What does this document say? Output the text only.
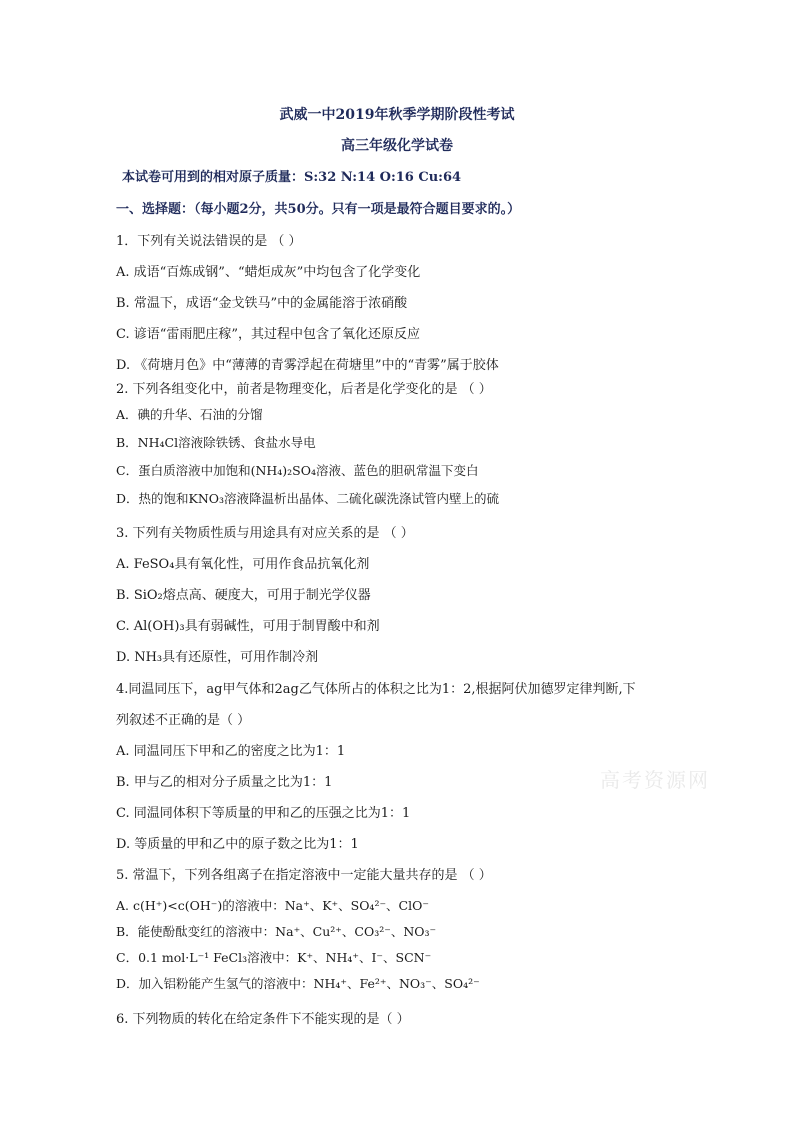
武威一中2019年秋季学期阶段性考试
高三年级化学试卷
本试卷可用到的相对原子质量：S:32 N:14 O:16 Cu:64
一、选择题：（每小题2分，共50分。只有一项是最符合题目要求的。）
1．下列有关说法错误的是 （ ）
A. 成语“百炼成钢”、“蜡炬成灰”中均包含了化学变化
B. 常温下，成语“金戈铁马”中的金属能溶于浓硝酸
C. 谚语“雷雨肥庄稼”，其过程中包含了氧化还原反应
D. 《荷塘月色》中“薄薄的青雾浮起在荷塘里”中的“青雾”属于胶体
2. 下列各组变化中，前者是物理变化，后者是化学变化的是 （ ）
A．碘的升华、石油的分馏
B．NH₄Cl溶液除铁锈、食盐水导电
C．蛋白质溶液中加饱和(NH₄)₂SO₄溶液、蓝色的胆矾常温下变白
D．热的饱和KNO₃溶液降温析出晶体、二硫化碳洗涤试管内壁上的硫
3. 下列有关物质性质与用途具有对应关系的是 （ ）
A. FeSO₄具有氧化性，可用作食品抗氧化剂
B. SiO₂熔点高、硬度大，可用于制光学仪器
C. Al(OH)₃具有弱碱性，可用于制胃酸中和剂
D. NH₃具有还原性，可用作制冷剂
4.同温同压下，ag甲气体和2ag乙气体所占的体积之比为1：2,根据阿伏加德罗定律判断,下
列叙述不正确的是（ ）
A. 同温同压下甲和乙的密度之比为1：1
B. 甲与乙的相对分子质量之比为1：1
C. 同温同体积下等质量的甲和乙的压强之比为1：1
D. 等质量的甲和乙中的原子数之比为1：1
5. 常温下，下列各组离子在指定溶液中一定能大量共存的是 （ ）
A. c(H⁺)<c(OH⁻)的溶液中：Na⁺、K⁺、SO₄²⁻、ClO⁻
B．能使酚酞变红的溶液中：Na⁺、Cu²⁺、CO₃²⁻、NO₃⁻
C．0.1 mol·L⁻¹ FeCl₃溶液中：K⁺、NH₄⁺、I⁻、SCN⁻
D．加入铝粉能产生氢气的溶液中：NH₄⁺、Fe²⁺、NO₃⁻、SO₄²⁻
6. 下列物质的转化在给定条件下不能实现的是（ ）
高考资源网
